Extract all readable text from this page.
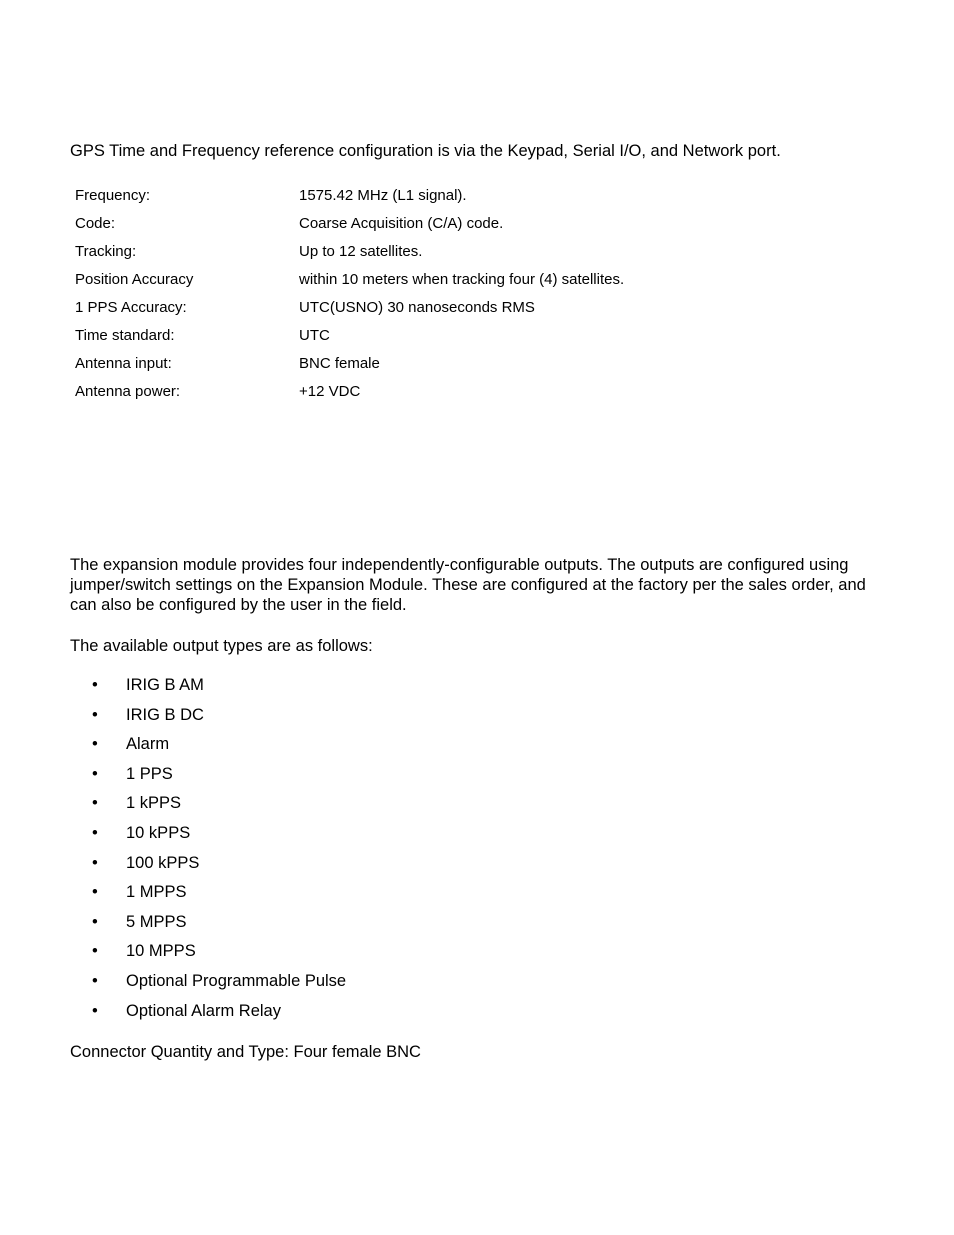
GPS Time and Frequency reference configuration is via the Keypad, Serial I/O, and Network port.

Frequency:	1575.42 MHz (L1 signal).
Code:	Coarse Acquisition (C/A) code.
Tracking:	Up to 12 satellites.
Position Accuracy	within 10 meters when tracking four (4) satellites.
1 PPS Accuracy:	UTC(USNO) 30 nanoseconds RMS
Time standard:	UTC
Antenna input:	BNC female
Antenna power:	+12 VDC

The expansion module provides four independently-configurable outputs. The outputs are configured using jumper/switch settings on the Expansion Module. These are configured at the factory per the sales order, and can also be configured by the user in the field.

The available output types are as follows:

• IRIG B AM
• IRIG B DC
• Alarm
• 1 PPS
• 1 kPPS
• 10 kPPS
• 100 kPPS
• 1 MPPS
• 5 MPPS
• 10 MPPS
• Optional Programmable Pulse
• Optional Alarm Relay

Connector Quantity and Type: Four female BNC
